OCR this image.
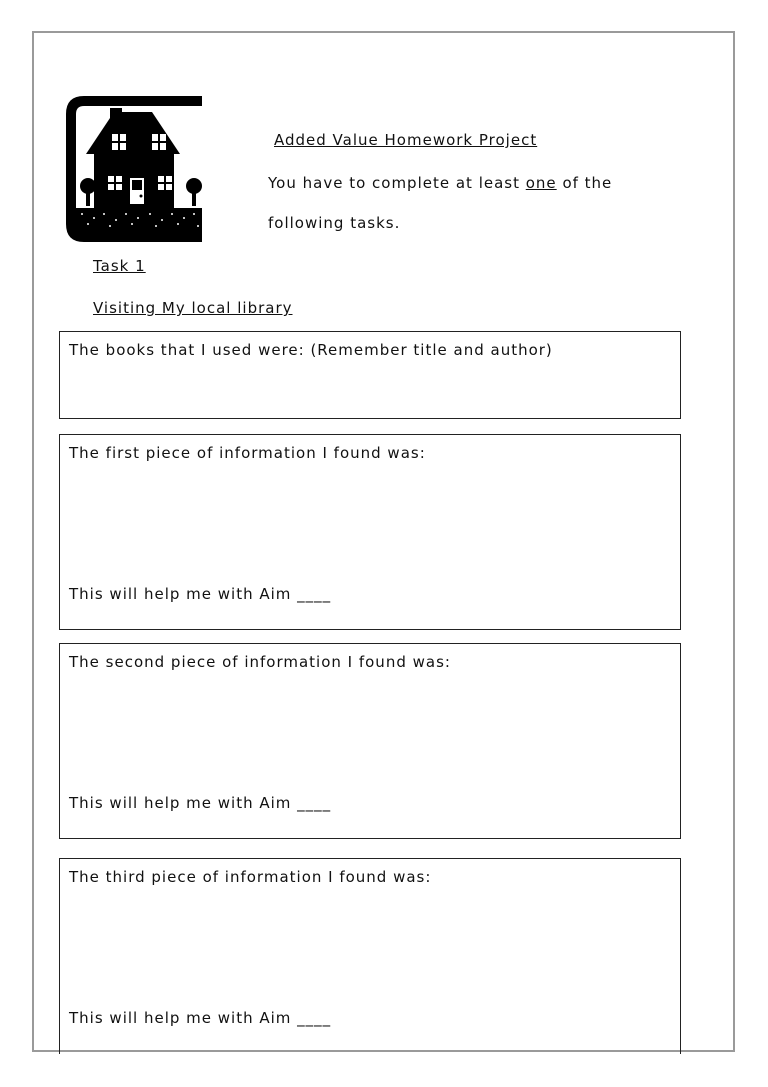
Added Value Homework Project
You have to complete at least one of the
following tasks.
Task 1
Visiting My local library
The books that I used were: (Remember title and author)
The first piece of information I found was:
This will help me with Aim ____
The second piece of information I found was:
This will help me with Aim ____
The third piece of information I found was:
This will help me with Aim ____
